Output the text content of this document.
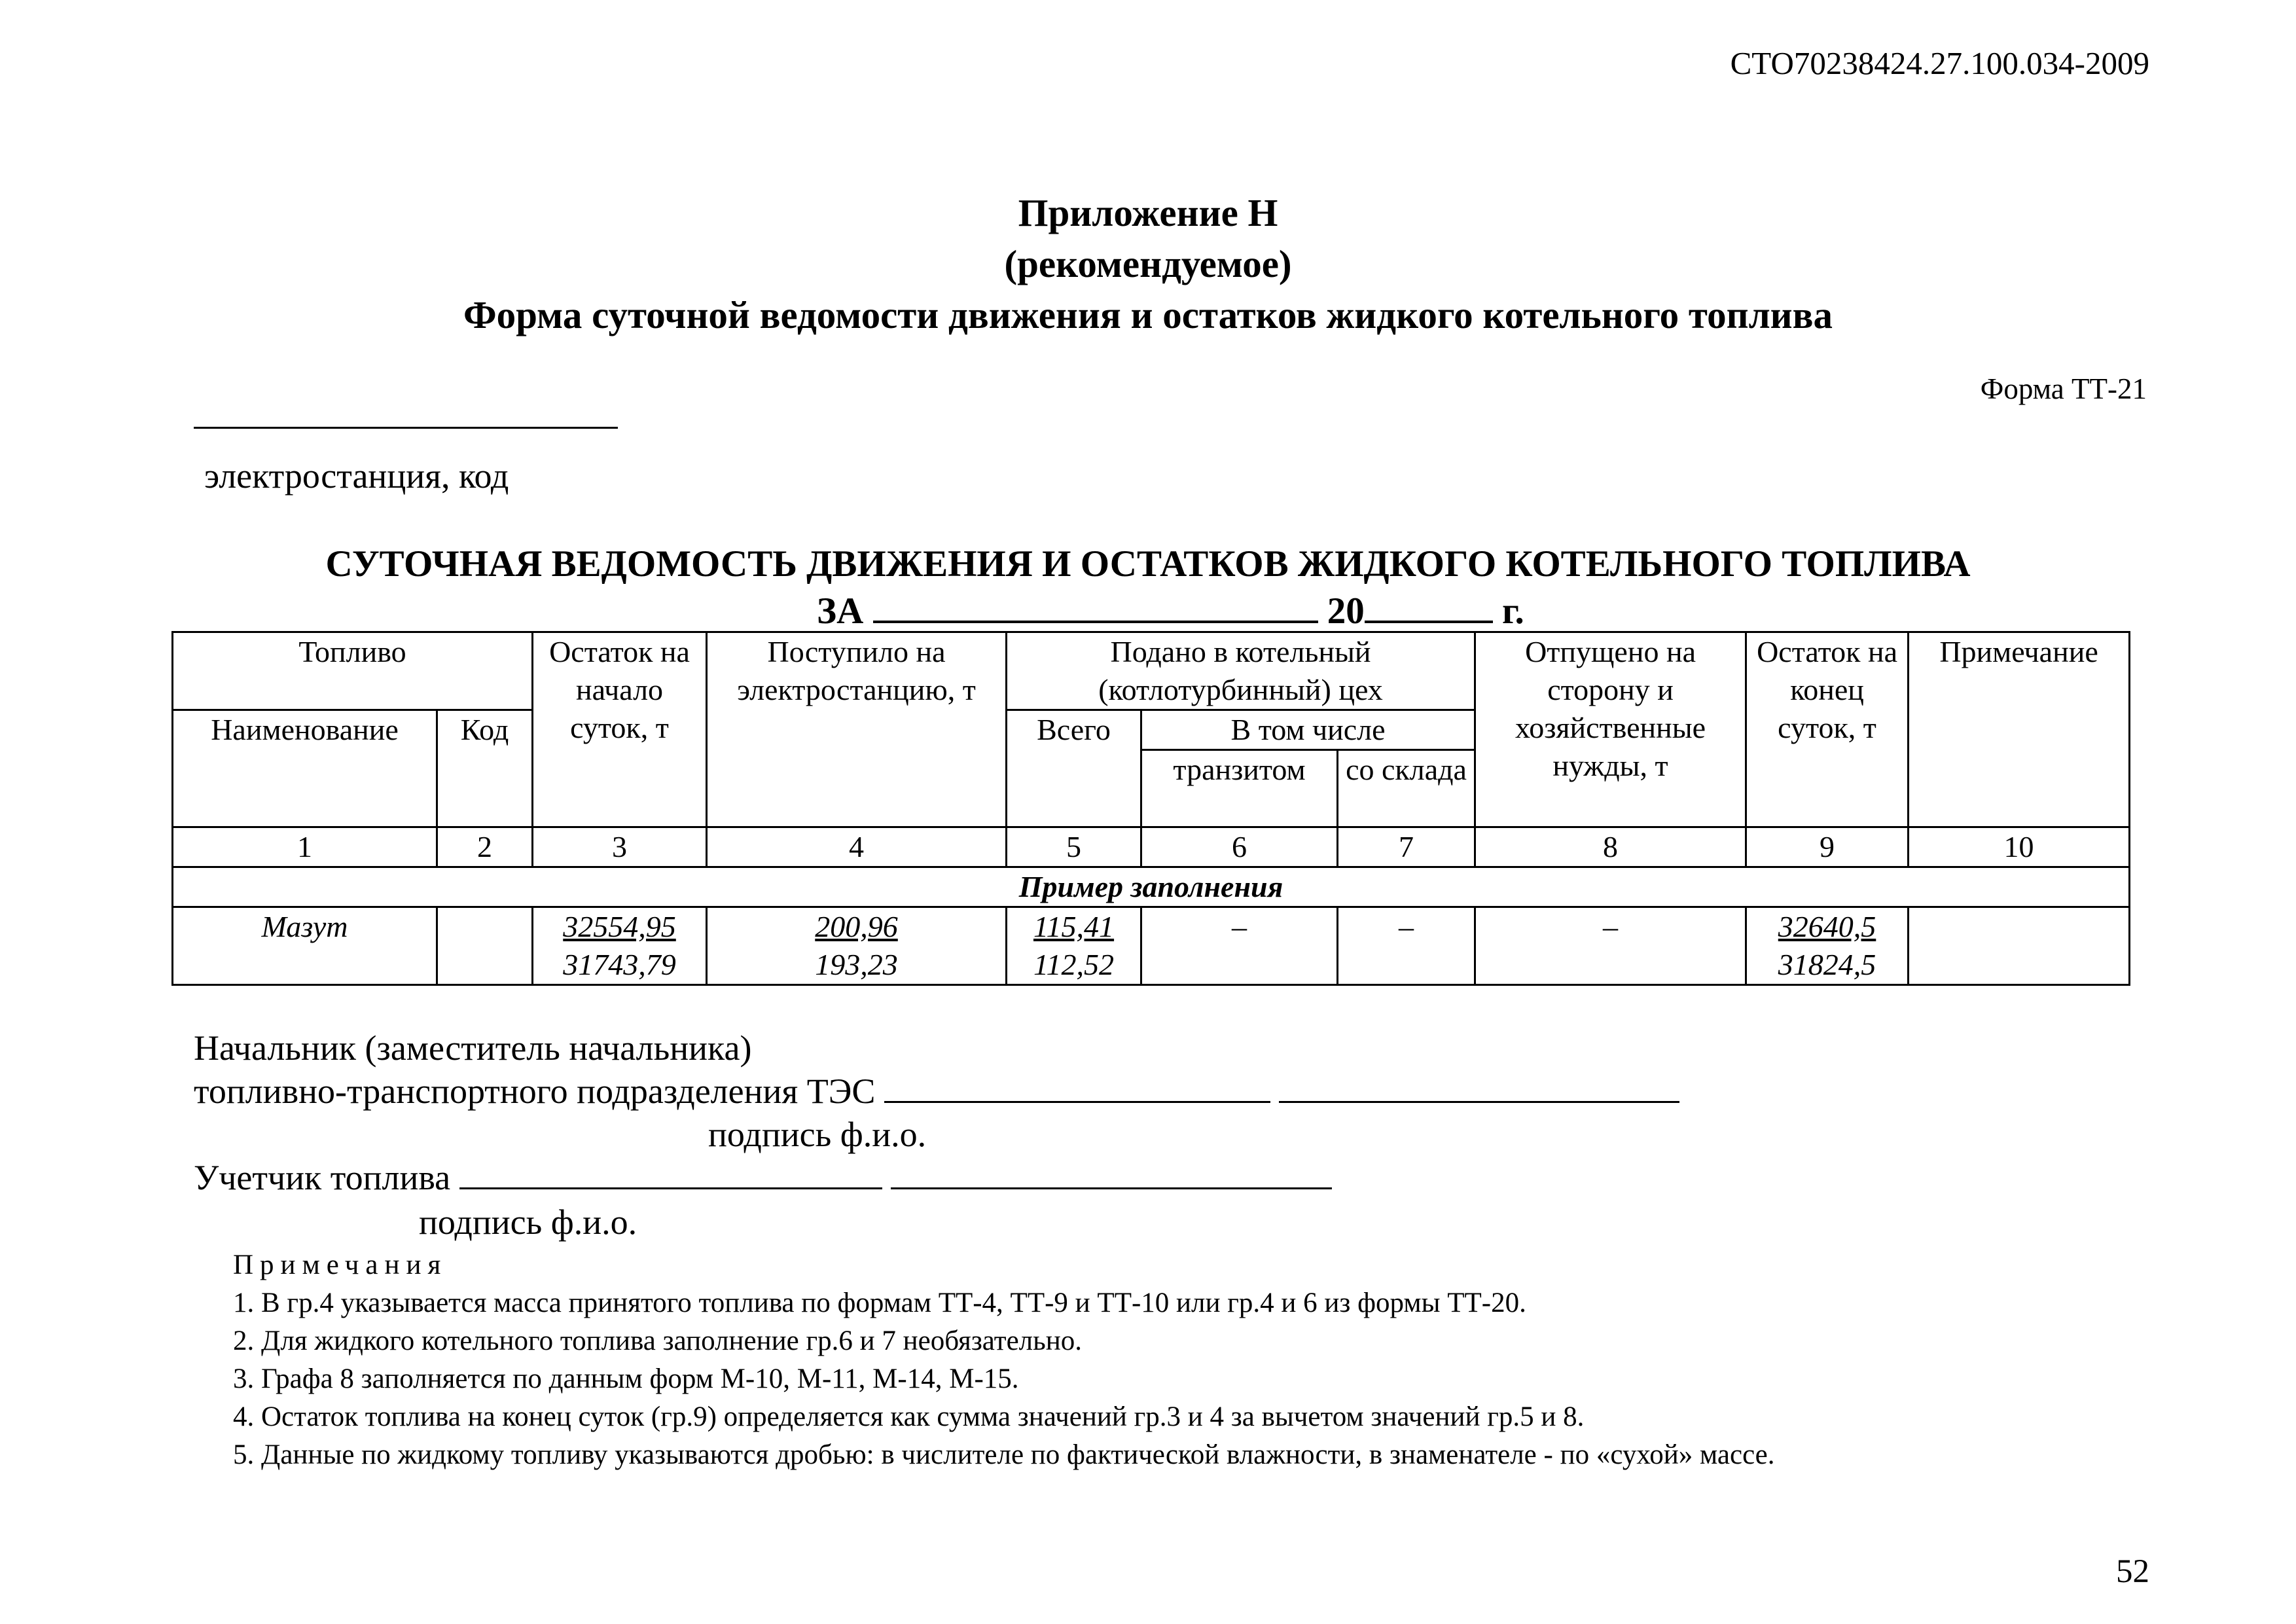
СТО70238424.27.100.034-2009
Приложение Н
(рекомендуемое)
Форма суточной ведомости движения и остатков жидкого котельного топлива
Форма ТТ-21
электростанция, код
СУТОЧНАЯ ВЕДОМОСТЬ ДВИЖЕНИЯ И ОСТАТКОВ ЖИДКОГО КОТЕЛЬНОГО ТОПЛИВА
ЗА	20	г.
Топливо		Остаток на начало суток, т	Поступило на электростанцию, т	Подано в котельный (котлотурбинный) цех			Отпущено на сторону и хозяйственные нужды, т	Остаток на конец суток, т	Примечание
Наименование	Код			Всего	В том числе				
					транзитом	со склада			
1	2	3	4	5	6	7	8	9	10
Пример заполнения									
Мазут		$\frac{32554,95}{31743,79}$	$\frac{200,96}{193,23}$	$\frac{115,41}{112,52}$	–	–	–	$\frac{32640,5}{31824,5}$

Начальник (заместитель начальника)
топливно-транспортного подразделения ТЭС
подпись ф.и.о.
Учетчик топлива
подпись ф.и.о.
Примечания
1. В гр.4 указывается масса принятого топлива по формам ТТ-4, ТТ-9 и ТТ-10 или гр.4 и 6 из формы ТТ-20.
2. Для жидкого котельного топлива заполнение гр.6 и 7 необязательно.
3. Графа 8 заполняется по данным форм М-10, М-11, М-14, М-15.
4. Остаток топлива на конец суток (гр.9) определяется как сумма значений гр.3 и 4 за вычетом значений гр.5 и 8.
5. Данные по жидкому топливу указываются дробью: в числителе по фактической влажности, в знаменателе - по «сухой» массе.
52
